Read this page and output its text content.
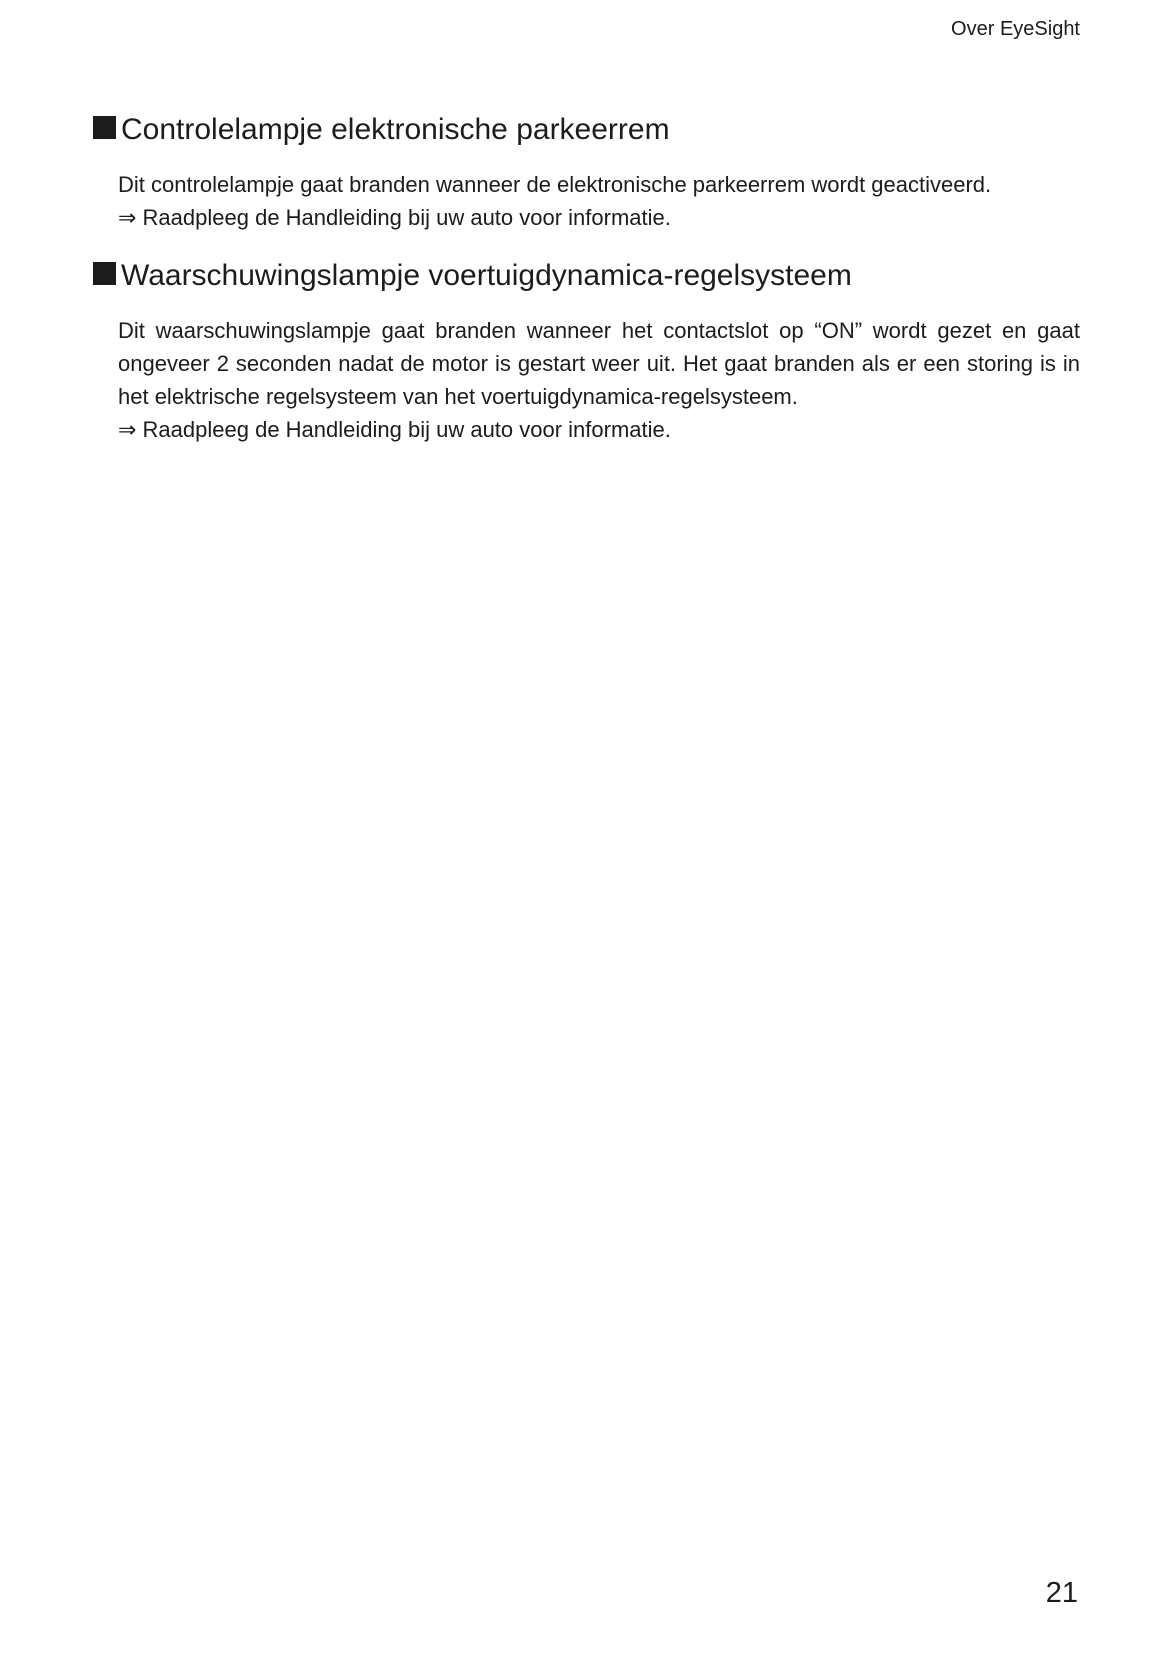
Over EyeSight
Controlelampje elektronische parkeerrem

Dit controlelampje gaat branden wanneer de elektronische parkeerrem wordt geactiveerd.

⇒ Raadpleeg de Handleiding bij uw auto voor informatie.

Waarschuwingslampje voertuigdynamica-regelsysteem

Dit waarschuwingslampje gaat branden wanneer het contactslot op “ON” wordt gezet en gaat ongeveer 2 seconden nadat de motor is gestart weer uit. Het gaat branden als er een storing is in het elektrische regelsysteem van het voertuigdynamica-regelsysteem.

⇒ Raadpleeg de Handleiding bij uw auto voor informatie.

21
